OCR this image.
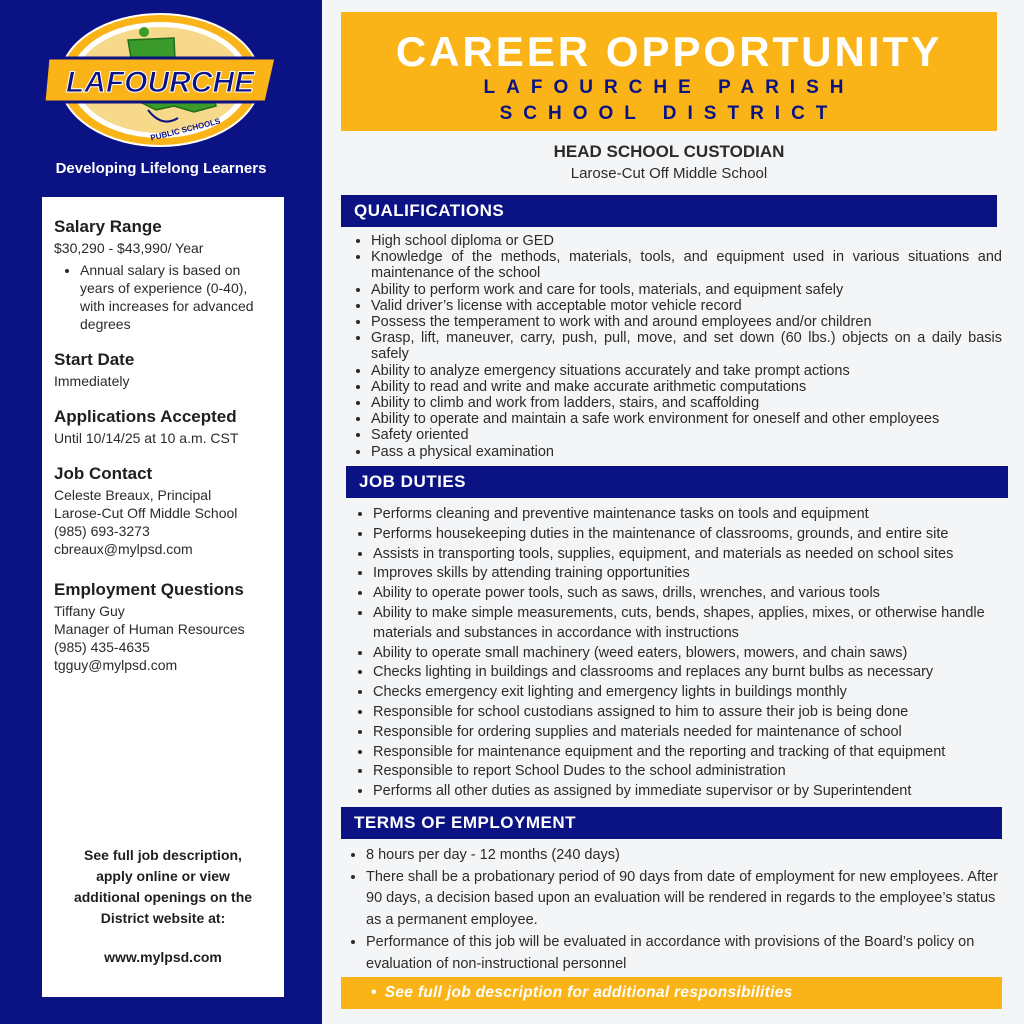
LAFOURCHE
PUBLIC SCHOOLS
Developing Lifelong Learners
Salary Range
$30,290 - $43,990/ Year
• Annual salary is based on years of experience (0-40), with increases for advanced degrees
Start Date
Immediately
Applications Accepted
Until 10/14/25 at 10 a.m. CST
Job Contact
Celeste Breaux, Principal
Larose-Cut Off Middle School
(985) 693-3273
cbreaux@mylpsd.com
Employment Questions
Tiffany Guy
Manager of Human Resources
(985) 435-4635
tgguy@mylpsd.com
See full job description,
apply online or view
additional openings on the
District website at:
www.mylpsd.com
CAREER OPPORTUNITY
LAFOURCHE PARISH
SCHOOL DISTRICT
HEAD SCHOOL CUSTODIAN
Larose-Cut Off Middle School
QUALIFICATIONS
• High school diploma or GED
• Knowledge of the methods, materials, tools, and equipment used in various situations and maintenance of the school
• Ability to perform work and care for tools, materials, and equipment safely
• Valid driver’s license with acceptable motor vehicle record
• Possess the temperament to work with and around employees and/or children
• Grasp, lift, maneuver, carry, push, pull, move, and set down (60 lbs.) objects on a daily basis safely
• Ability to analyze emergency situations accurately and take prompt actions
• Ability to read and write and make accurate arithmetic computations
• Ability to climb and work from ladders, stairs, and scaffolding
• Ability to operate and maintain a safe work environment for oneself and other employees
• Safety oriented
• Pass a physical examination
JOB DUTIES
• Performs cleaning and preventive maintenance tasks on tools and equipment
• Performs housekeeping duties in the maintenance of classrooms, grounds, and entire site
• Assists in transporting tools, supplies, equipment, and materials as needed on school sites
• Improves skills by attending training opportunities
• Ability to operate power tools, such as saws, drills, wrenches, and various tools
• Ability to make simple measurements, cuts, bends, shapes, applies, mixes, or otherwise handle materials and substances in accordance with instructions
• Ability to operate small machinery (weed eaters, blowers, mowers, and chain saws)
• Checks lighting in buildings and classrooms and replaces any burnt bulbs as necessary
• Checks emergency exit lighting and emergency lights in buildings monthly
• Responsible for school custodians assigned to him to assure their job is being done
• Responsible for ordering supplies and materials needed for maintenance of school
• Responsible for maintenance equipment and the reporting and tracking of that equipment
• Responsible to report School Dudes to the school administration
• Performs all other duties as assigned by immediate supervisor or by Superintendent
TERMS OF EMPLOYMENT
• 8 hours per day - 12 months (240 days)
• There shall be a probationary period of 90 days from date of employment for new employees. After 90 days, a decision based upon an evaluation will be rendered in regards to the employee’s status as a permanent employee.
• Performance of this job will be evaluated in accordance with provisions of the Board’s policy on evaluation of non-instructional personnel
• See full job description for additional responsibilities
